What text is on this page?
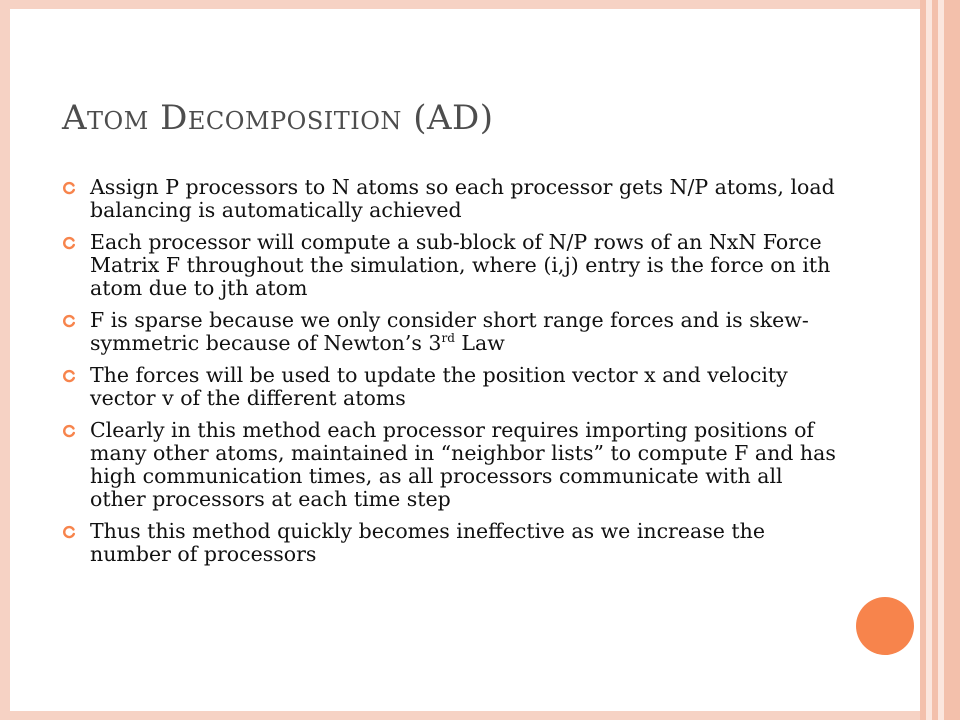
Atom Decomposition (AD)
Assign P processors to N atoms so each processor gets N/P atoms, load balancing is automatically achieved
Each processor will compute a sub-block of N/P rows of an NxN Force Matrix F throughout the simulation, where (i,j) entry is the force on ith atom due to jth atom
F is sparse because we only consider short range forces and is skew-symmetric because of Newton’s 3rd Law
The forces will be used to update the position vector x and velocity vector v of the different atoms
Clearly in this method each processor requires importing positions of many other atoms, maintained in “neighbor lists” to compute F and has high communication times, as all processors communicate with all other processors at each time step
Thus this method quickly becomes ineffective as we increase the number of processors
